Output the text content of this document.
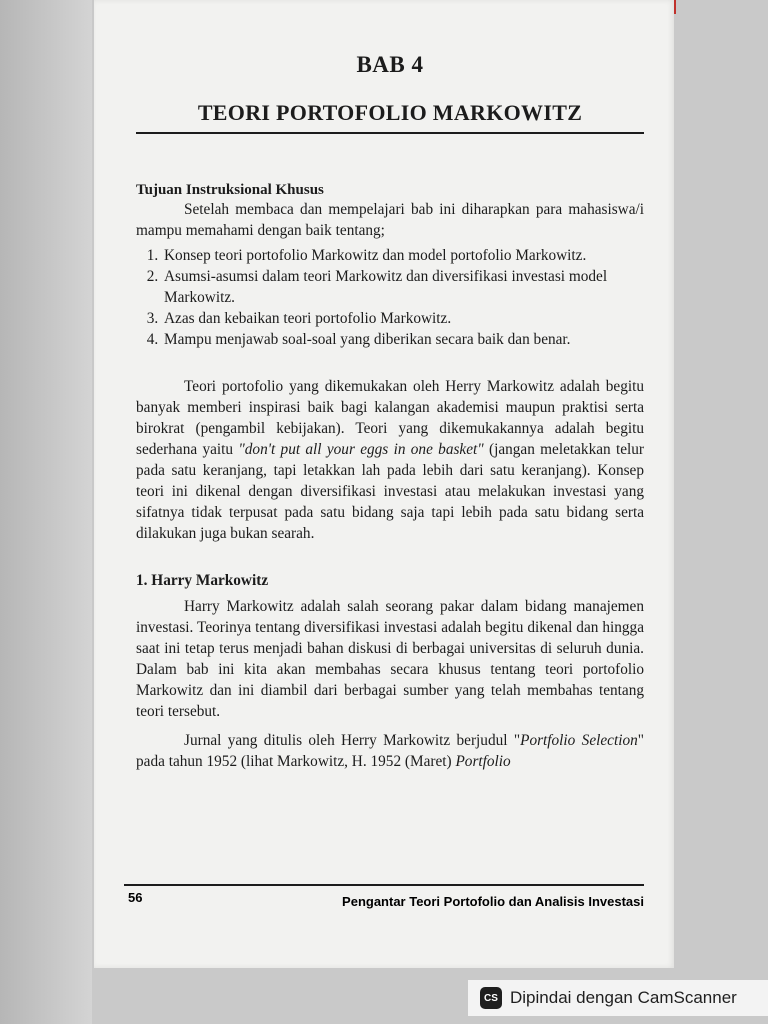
BAB 4
TEORI PORTOFOLIO MARKOWITZ
Tujuan Instruksional Khusus

Setelah membaca dan mempelajari bab ini diharapkan para mahasiswa/i mampu memahami dengan baik tentang;

1. Konsep teori portofolio Markowitz dan model portofolio Markowitz.
2. Asumsi-asumsi dalam teori Markowitz dan diversifikasi investasi model Markowitz.
3. Azas dan kebaikan teori portofolio Markowitz.
4. Mampu menjawab soal-soal yang diberikan secara baik dan benar.

Teori portofolio yang dikemukakan oleh Herry Markowitz adalah begitu banyak memberi inspirasi baik bagi kalangan akademisi maupun praktisi serta birokrat (pengambil kebijakan). Teori yang dikemukakannya adalah begitu sederhana yaitu "don't put all your eggs in one basket" (jangan meletakkan telur pada satu keranjang, tapi letakkan lah pada lebih dari satu keranjang). Konsep teori ini dikenal dengan diversifikasi investasi atau melakukan investasi yang sifatnya tidak terpusat pada satu bidang saja tapi lebih pada satu bidang serta dilakukan juga bukan searah.

1. Harry Markowitz

Harry Markowitz adalah salah seorang pakar dalam bidang manajemen investasi. Teorinya tentang diversifikasi investasi adalah begitu dikenal dan hingga saat ini tetap terus menjadi bahan diskusi di berbagai universitas di seluruh dunia. Dalam bab ini kita akan membahas secara khusus tentang teori portofolio Markowitz dan ini diambil dari berbagai sumber yang telah membahas tentang teori tersebut.

Jurnal yang ditulis oleh Herry Markowitz berjudul "Portfolio Selection" pada tahun 1952 (lihat Markowitz, H. 1952 (Maret) Portfolio

56	Pengantar Teori Portofolio dan Analisis Investasi
CS Dipindai dengan CamScanner
